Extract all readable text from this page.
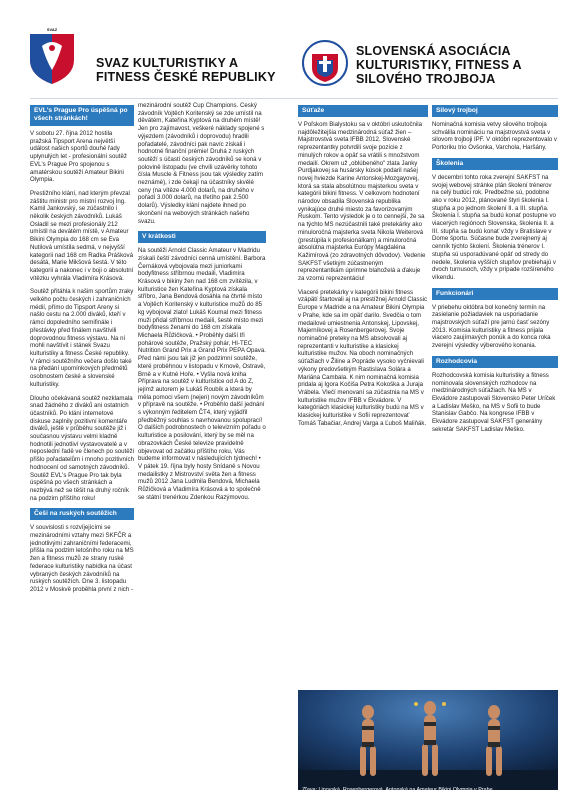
SVAZ
SVAZ KULTURISTIKY A FITNESS ČESKÉ REPUBLIKY
SLOVENSKÁ ASOCIÁCIA KULTURISTIKY, FITNESS A SILOVÉHO TROJBOJA
EVL's Prague Pro úspěšná po všech stránkách!
V sobotu 27. října 2012 hostila pražská Tipsport Arena největší událost našich sportů douhé řady uplynulých let - profesionální soutěž EVL's Prague Pro spojenou s amatérskou soutěží Amateur Bikini Olympia.
Prestižního klání, nad kterým převzal záštitu ministr pro místní rozvoj Ing. Kamil Jankovský, se zúčastnilo i několik českých závodníků. Lukáš Osladil se mezi profesionály 212 umístil na devátém místě, v Amateur Bikini Olympia do 168 cm se Eva Nutilová umístila sedmá, v nejvyšší kategorii nad 168 cm Radka Prášková desátá, Marie Mikšová šestá. V této kategorii a nakonec i v boji o absolutní vítězku vyhrála Vladimíra Krásová.
Soutěž přitáhla k našim sportům zraky velkého počtu českých i zahraničních médií, přímo do Tipsport Areny si našlo cestu na 2.000 diváků, kteří v rámci dopoledního semifinále i přestávky před finálem navštívili doprovodnou fitness výstavu. Na ní mohli navštívit i stánek Svazu kulturistiky a fitness České republiky. V rámci soutěžního večera došlo také na předání upomínkových předmětů osobnostem české a slovenské kulturistiky.
Dlouho očekávaná soutěž nezklamala snad žádného z diváků ani ostatních účastníků. Po klání internetové diskuse zaplnily pozitivní komentáře diváků, ještě v průběhu soutěže již i současnou výstavu velmi kladně hodnotili jednotliví vystavovatelé a v neposlední řadě ve členech po soutěži přišlo pořadatelům i mnoho pozitivních hodnocení od samotných závodníků. Soutěž EVL's Prague Pro tak byla úspěšná po všech stránkách a nezbývá než se těšit na druhý ročník na podzim příštího roku!
Češi na ruských soutěžích
V souvislosti s rozvíjejícími se mezinárodními vztahy mezi SKFČR a jednotlivými zahraničními federacemi, přišla na podzim letošního roku na MS žen a fitness mužů ze strany ruské federace kulturistiky nabídka na účast vybraných českých závodníků na ruských soutěžích. Dne 3. listopadu 2012 v Moskvě proběhla první z nich -
mezinárodní soutěž Cup Champions. Český závodník Vojtěch Koritenský se zde umístil na děvátém, Kateřina Kyptová na druhém místě! Jen pro zajímavost, veškeré náklady spojené s výjezdem (závodníků i doprovodu) hradili pořadatelé, závodníci pak navíc získali i hodnotné finanční prémie! Druhá z ruských soutěží s účastí českých závodníků se koná v polovině listopadu (ve chvíli uzávěrky tohoto čísla Muscle & Fitness jsou tak výsledky zatím neznámé), i zde čekají na účastníky skvělé ceny (na vítěze 4.000 dolarů, na druhého v pořadí 3.000 dolarů, na třetího pak 2.500 dolarů). Výsledky klání najdete ihned po skončení na webových stránkách našeho svazu.
V krátkosti
Na soutěži Arnold Classic Amateur v Madridu získali čeští závodníci cenná umístění. Barbora Černáková vybojovala mezi juniorkami bodyfitness stříbrnou medaili, Vladimíra Krásová v bikiny žen nad 168 cm zvítězila, v kulturistice žen Kateřina Kyptová získala stříbro, Jana Bendová dosáhla na čtvrté místo a Vojtěch Koritenský v kulturistice mužů do 85 kg vybojoval zlato! Lukáš Koumal mezi fitness muži přidal stříbrnou medaili, šesté místo mezi bodyfitness ženami do 168 cm získala Michaela Růžičková. • Proběhly další tři pohárové soutěže, Pražský pohár, HI-TEC Nutrition Grand Prix a Grand Prix PEPA Opava. Před námi jsou tak již jen podzimní soutěže, které proběhnou v listopadu v Krnově, Ostravě, Brně a v Kutné Hoře. • Vyšla nová kniha Příprava na soutěž v kulturistice od A do Z, jejímž autorem je Lukáš Roubík a která by měla pomoci všem (nejen) novým závodníkům v přípravě na soutěže. • Proběhlo další jednání s výkonným ředitelem ČT4, který vyjádřil předběžný souhlas s navrhovanou spoluprací! O dalších podrobnostech o televizním pořadu o kulturistice a posilování, který by se měl na obrazovkách České televize pravidelně objevovat od začátku příštího roku, Vás budeme informovat v následujících týdnech! • V pátek 19. října byly hosty Snídaně s Novou medailistky z Mistrovství světa žen a fitness mužů 2012 Jana Ludmila Bendová, Michaela Růžičková a Vladimíra Krásová a to společně se státní trenérkou Zdenkou Razýmovou.
Súťaže
V Poľskom Bialystoku sa v októbri uskutočnila najdôležitejšia medzinárodná súťaž žien – Majstrovstvá sveta IFBB 2012. Slovenské reprezentantky potvrdili svoje pozície z minulých rokov a opäť sa vrátili s množstvom medailí. Okrem už „oblúbeného" zlata Janky Purdjakovej sa husársky kúsok podaril našej novej hviezde Karine Antonskej-Mozgayovej, ktorá sa stala absolútnou majsterkou sveta v kategórii bikini fitness. V celkovom hodnotení národov obsadila Slovenská republika vynikajúce druhé miesto za favorizovaným Ruskom. Tento výsledok je o to cennejší, že sa na týchto MS nezúčastnili také pretekárky ako minuloročná majsterka sveta Nikola Weiterová (prestúpila k profesionálkam) a minuloročná absolútna majsterka Európy Magdaléna Kažimírová (zo zdravotných dôvodov). Vedenie SAKFST všetkým zúčastneným reprezentantkám úprimne blahoželá a ďakuje za vzornú reprezentáciu!
Viaceré pretekárky v kategórii bikini fitness vzápätí štartovali aj na prestížnej Arnold Classic Europe v Madride a na Amateur Bikini Olympia v Prahe, kde sa im opäť darilo. Svedčia o tom medailové umiestnenia Antonskej, Lipovskej, Majerníkovej a Rosenbergerovej. Svoje nominačné preteky na MS absolvovali aj reprezentanti v kulturistike a klasickej kulturistike mužov. Na oboch nominačných súťažiach v Žiline a Popráde vysoko vyčnievali výkony predovšetkým Rastislava Solára a Mariána Cambala. K nim nominačná komisia pridala aj Igora Kočiša Petra Kokoška a Juraja Vrábela. Vlečí menovaní sa zúčastnia na MS v kulturistike mužov IFBB v Ekvádore. V kategóriách klasickej kulturistiky budú na MS v klasickej kulturistike v Sofii reprezentovať Tomáš Tabačiar, Andrej Varga a Ľuboš Maliňák.
Silový trojboj
Nominačná komisia vetvy silového trojboja schválila nomináciu na majstrovstvá sveta v silovom trojboji IPF. V októbri reprezentovalo v Portoriku trio Ovšonka, Varchola, Haršány.
Školenia
V decembri tohto roka zverejní SAKFST na svojej webovej stránke plán školení trénerov na celý budúci rok. Predbežne sú, podobne ako v roku 2012, plánované štyri školenia I. stupňa a po jednom školení II. a III. stupňa. Školenia I. stupňa sa budú konať postupne vo viacerých regiónoch Slovenska, školenia II. a III. stupňa sa budú konať vždy v Bratislave v Dome športu. Súčasne bude zverejnený aj cenník týchto školení. Školenia trénerov I. stupňa sú usporadúvané opäť od stredy do nedele, školenia vyšších stupňov prebiehajú v dvoch turnusoch, vždy v prípade rozšíreného víkendu.
Funkcionári
V priebehu októbra bol konečný termín na zasielanie požiadaviek na usporiadanie majstrovských súťaží pre jarnú časť sezóny 2013. Komisia kulturistiky a fitness prijala viacero zaujímavých ponúk a do konca roka zverejní výsledky výberového konania.
Rozhodcovia
Rozhodcovská komisia kulturistiky a fitness nominovala slovenských rozhodcov na medzinárodných súťažiach. Na MS v Ekvádore zastupovali Slovensko Peter Uríček a Ladislav Meško, na MS v Sofii to bude Stanislav Gabčo. Na kongrese IFBB v Ekvádore zastupoval SAKFST generálny sekretár SAKFST Ladislav Meško.
Zľava: Lipovská, Rosenbergerová, Antonská na Amateur Bikini Olympia v Prahe
